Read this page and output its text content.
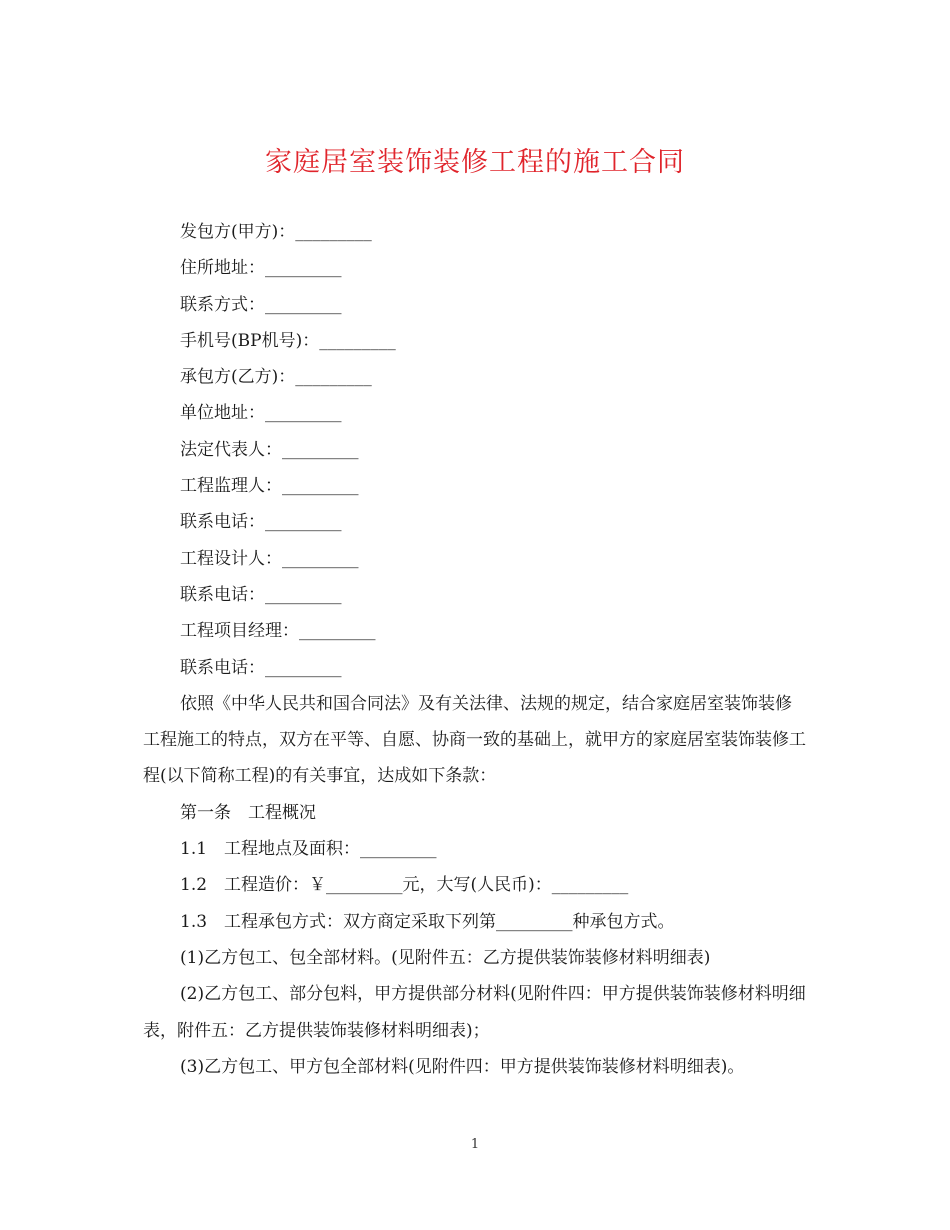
家庭居室装饰装修工程的施工合同
发包方(甲方)：_________
住所地址：_________
联系方式：_________
手机号(BP机号)：_________
承包方(乙方)：_________
单位地址：_________
法定代表人：_________
工程监理人：_________
联系电话：_________
工程设计人：_________
联系电话：_________
工程项目经理：_________
联系电话：_________
依照《中华人民共和国合同法》及有关法律、法规的规定，结合家庭居室装饰装修工程施工的特点，双方在平等、自愿、协商一致的基础上，就甲方的家庭居室装饰装修工程(以下简称工程)的有关事宜，达成如下条款：
第一条　工程概况
1.1　工程地点及面积：_________
1.2　工程造价：￥_________元，大写(人民币)：_________
1.3　工程承包方式：双方商定采取下列第_________种承包方式。
(1)乙方包工、包全部材料。(见附件五：乙方提供装饰装修材料明细表)
(2)乙方包工、部分包料，甲方提供部分材料(见附件四：甲方提供装饰装修材料明细表，附件五：乙方提供装饰装修材料明细表)；
(3)乙方包工、甲方包全部材料(见附件四：甲方提供装饰装修材料明细表)。
1
